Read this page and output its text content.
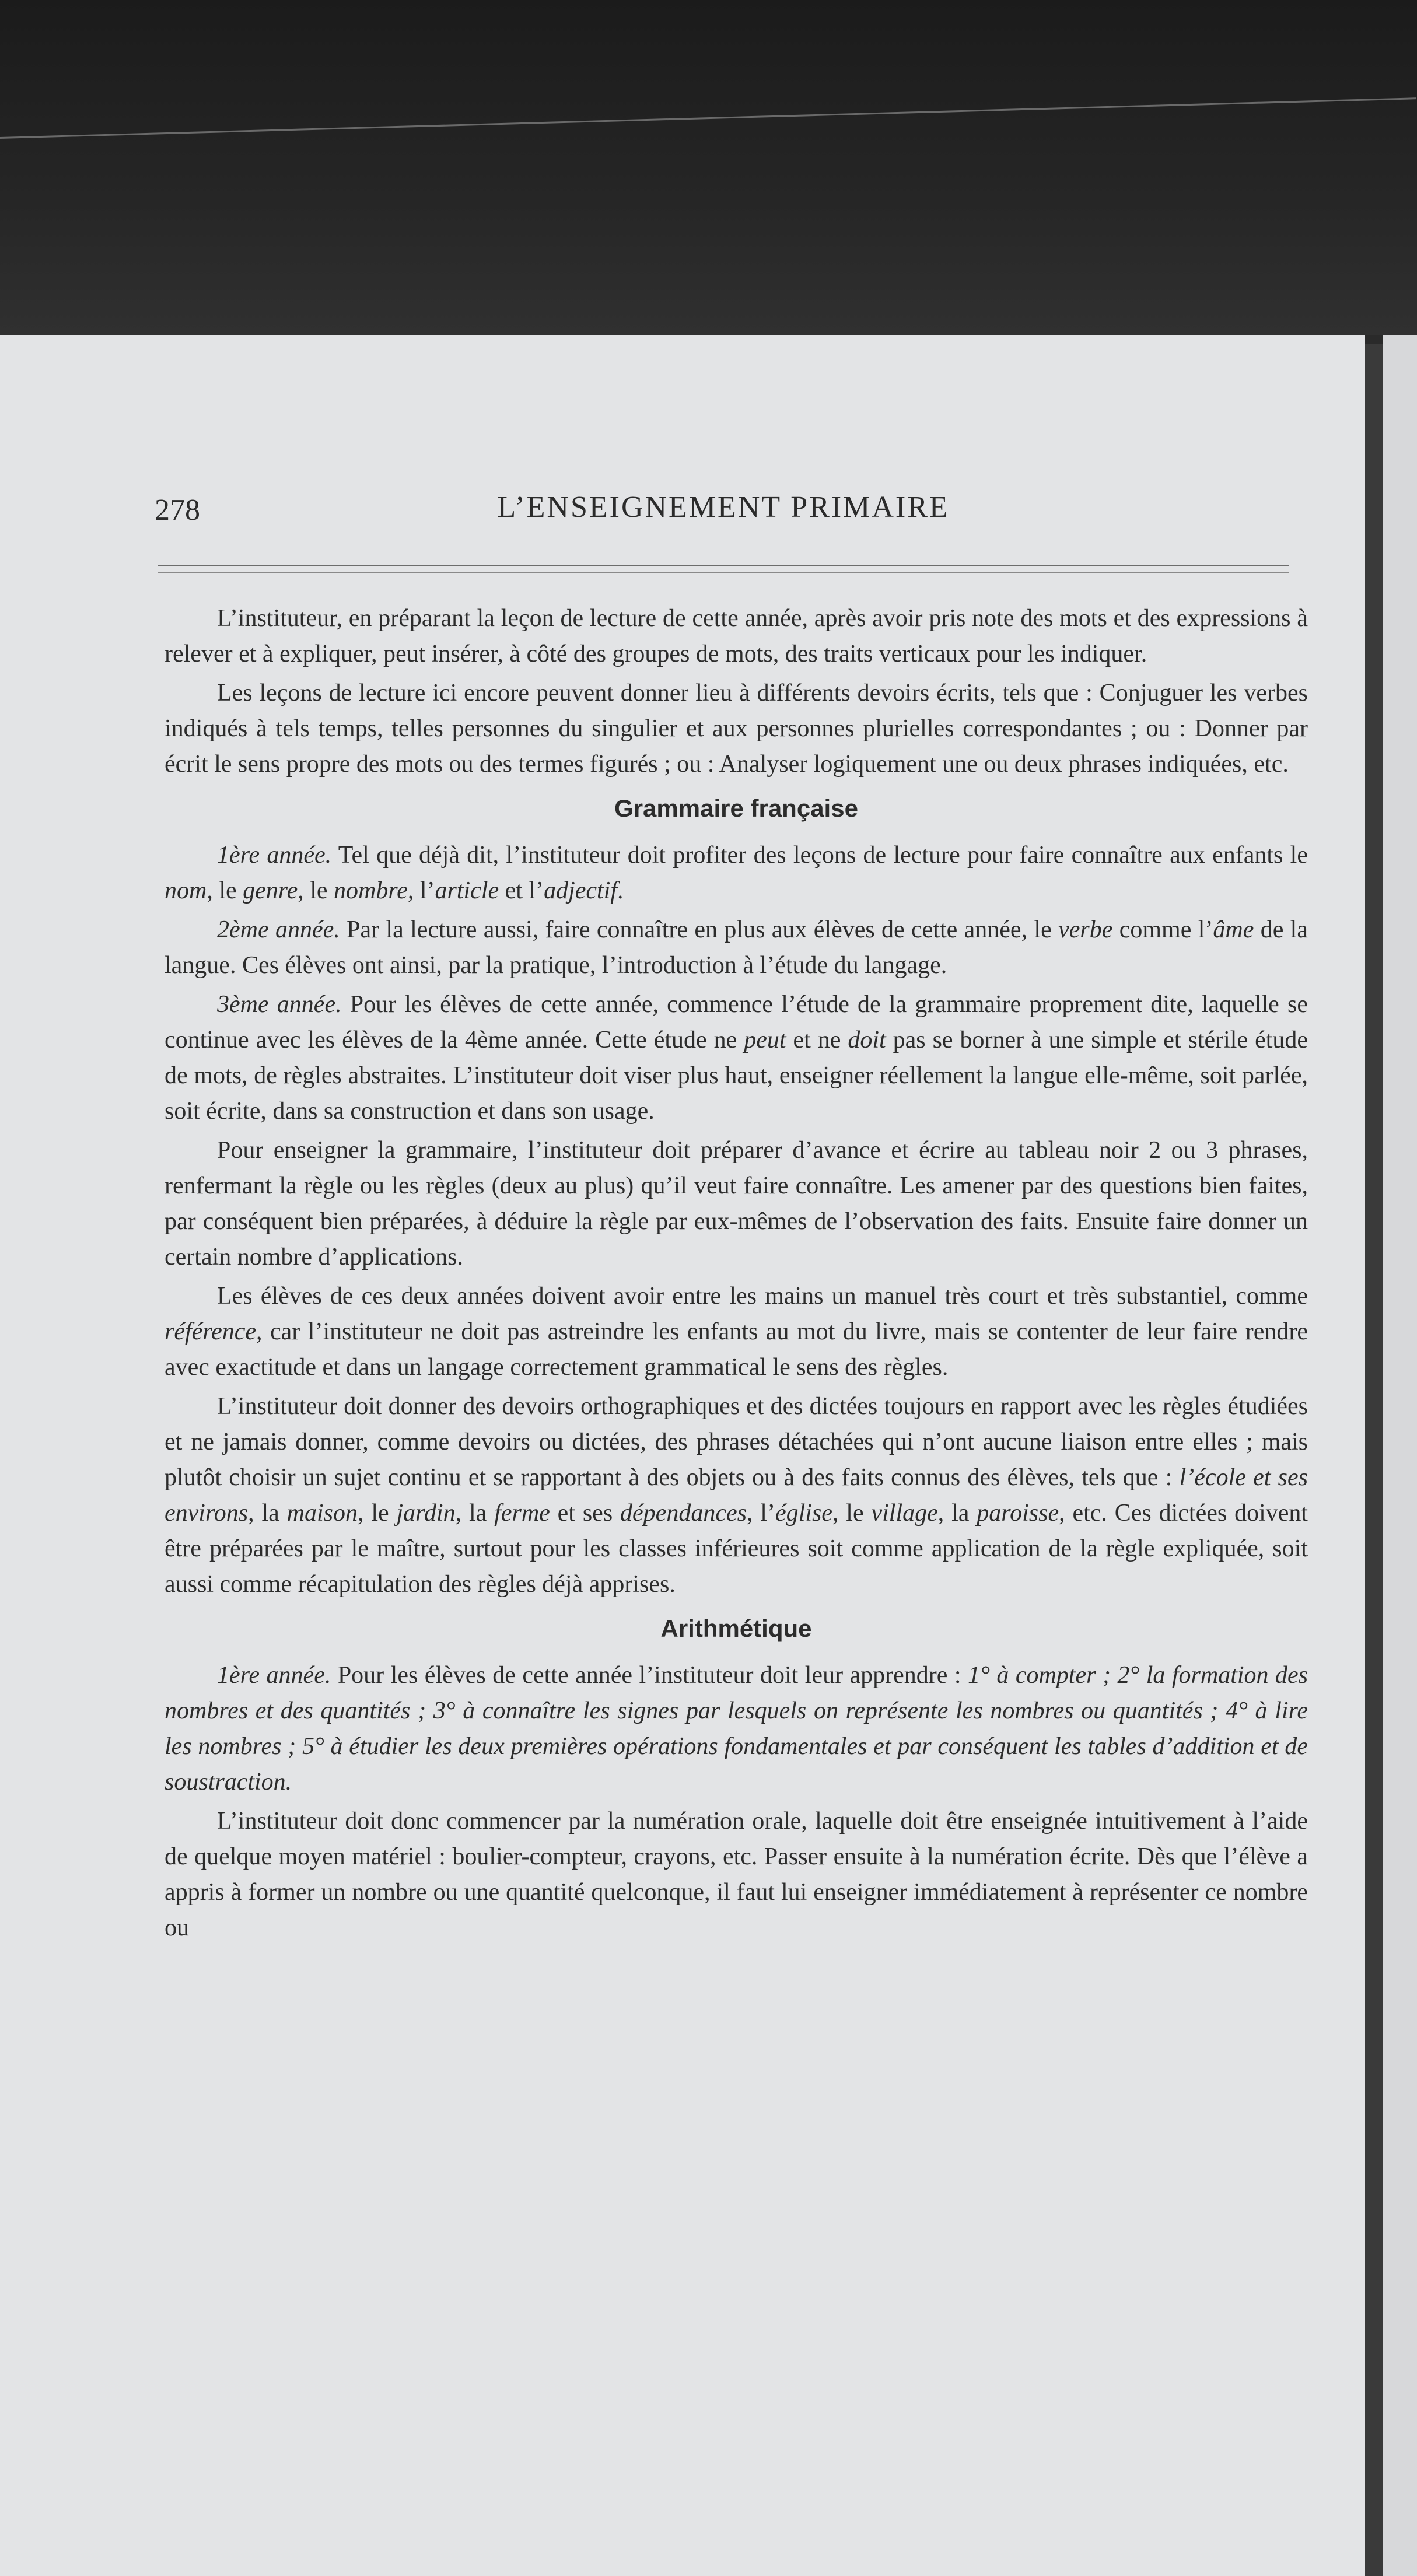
278	L’ENSEIGNEMENT PRIMAIRE

L’instituteur, en préparant la leçon de lecture de cette année, après avoir pris note des mots et des expressions à relever et à expliquer, peut insérer, à côté des groupes de mots, des traits verticaux pour les indiquer.

Les leçons de lecture ici encore peuvent donner lieu à différents devoirs écrits, tels que : Conjuguer les verbes indiqués à tels temps, telles personnes du singulier et aux personnes plurielles correspondantes ; ou : Donner par écrit le sens propre des mots ou des termes figurés ; ou : Analyser logiquement une ou deux phrases indiquées, etc.

Grammaire française

1ère année. Tel que déjà dit, l’instituteur doit profiter des leçons de lecture pour faire connaître aux enfants le nom, le genre, le nombre, l’article et l’adjectif.

2ème année. Par la lecture aussi, faire connaître en plus aux élèves de cette année, le verbe comme l’âme de la langue. Ces élèves ont ainsi, par la pratique, l’introduction à l’étude du langage.

3ème année. Pour les élèves de cette année, commence l’étude de la grammaire proprement dite, laquelle se continue avec les élèves de la 4ème année. Cette étude ne peut et ne doit pas se borner à une simple et stérile étude de mots, de règles abstraites. L’instituteur doit viser plus haut, enseigner réellement la langue elle-même, soit parlée, soit écrite, dans sa construction et dans son usage.

Pour enseigner la grammaire, l’instituteur doit préparer d’avance et écrire au tableau noir 2 ou 3 phrases, renfermant la règle ou les règles (deux au plus) qu’il veut faire connaître. Les amener par des questions bien faites, par conséquent bien préparées, à déduire la règle par eux-mêmes de l’observation des faits. Ensuite faire donner un certain nombre d’applications.

Les élèves de ces deux années doivent avoir entre les mains un manuel très court et très substantiel, comme référence, car l’instituteur ne doit pas astreindre les enfants au mot du livre, mais se contenter de leur faire rendre avec exactitude et dans un langage correctement grammatical le sens des règles.

L’instituteur doit donner des devoirs orthographiques et des dictées toujours en rapport avec les règles étudiées et ne jamais donner, comme devoirs ou dictées, des phrases détachées qui n’ont aucune liaison entre elles ; mais plutôt choisir un sujet continu et se rapportant à des objets ou à des faits connus des élèves, tels que : l’école et ses environs, la maison, le jardin, la ferme et ses dépendances, l’église, le village, la paroisse, etc. Ces dictées doivent être préparées par le maître, surtout pour les classes inférieures soit comme application de la règle expliquée, soit aussi comme récapitulation des règles déjà apprises.

Arithmétique

1ère année. Pour les élèves de cette année l’instituteur doit leur apprendre : 1° à compter ; 2° la formation des nombres et des quantités ; 3° à connaître les signes par lesquels on représente les nombres ou quantités ; 4° à lire les nombres ; 5° à étudier les deux premières opérations fondamentales et par conséquent les tables d’addition et de soustraction.

L’instituteur doit donc commencer par la numération orale, laquelle doit être enseignée intuitivement à l’aide de quelque moyen matériel : boulier-compteur, crayons, etc. Passer ensuite à la numération écrite. Dès que l’élève a appris à former un nombre ou une quantité quelconque, il faut lui enseigner immédiatement à représenter ce nombre ou
